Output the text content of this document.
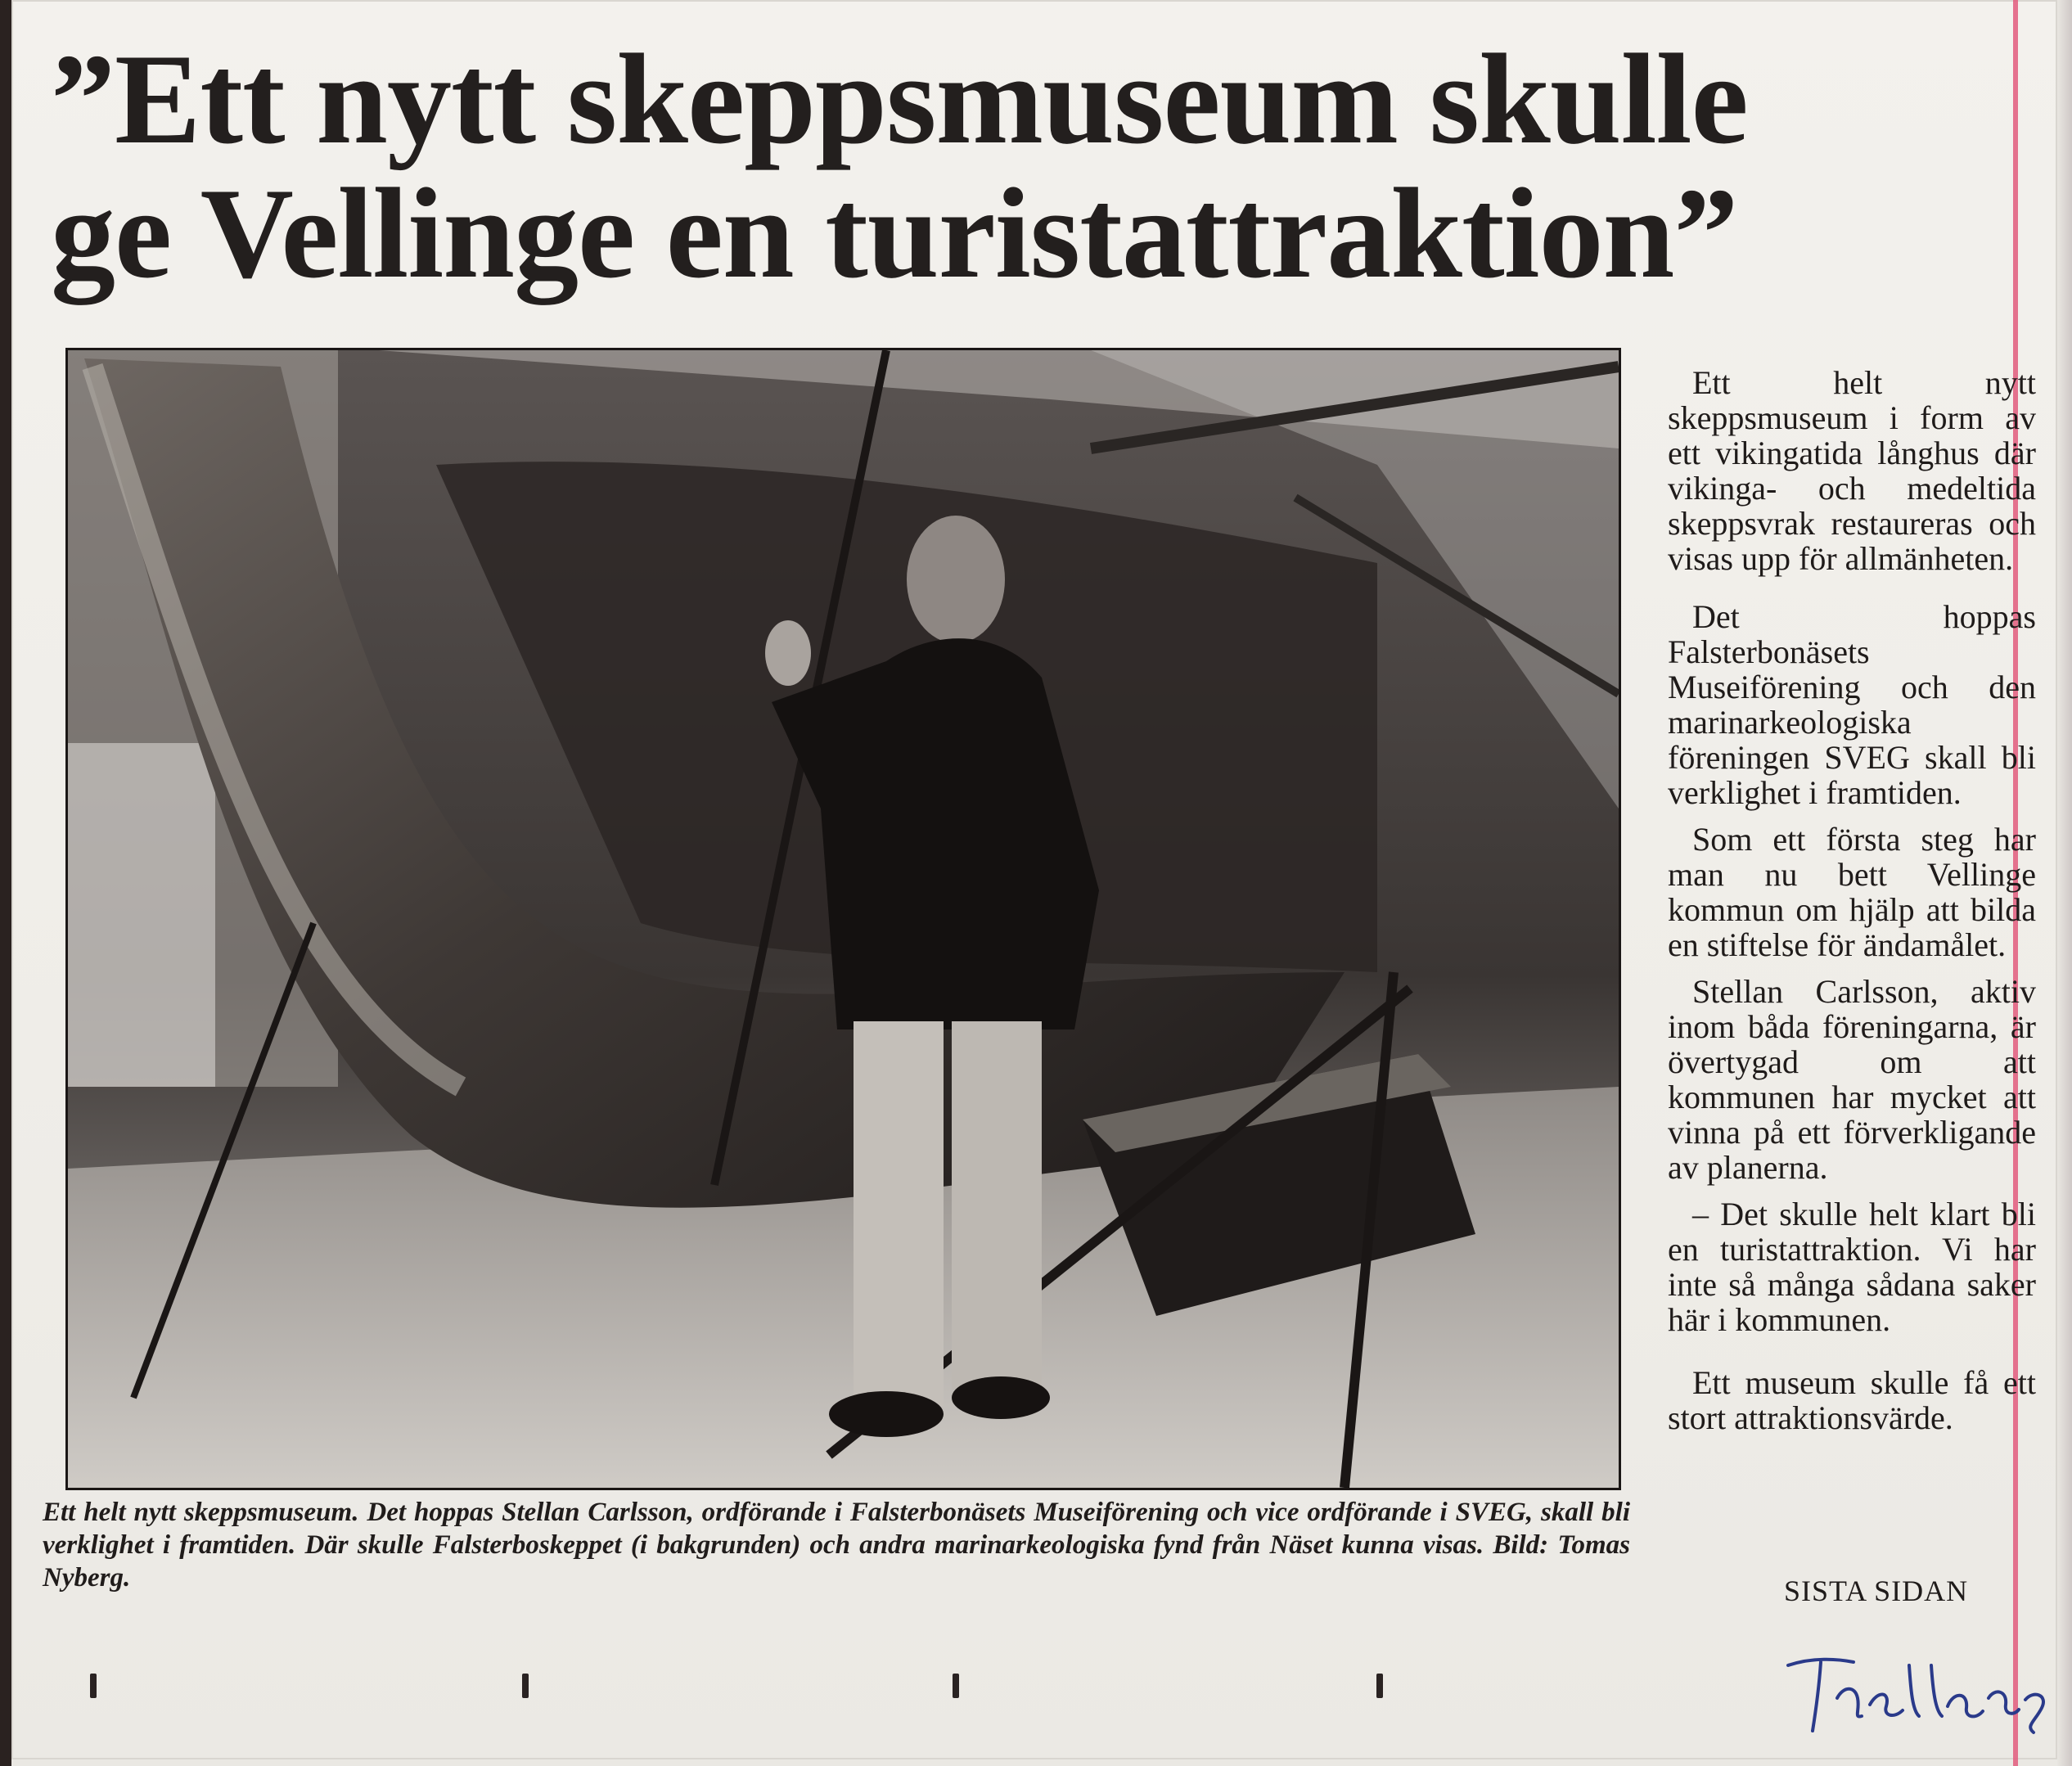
”Ett nytt skeppsmuseum skulle
ge Vellinge en turistattraktion”

Ett helt nytt skeppsmuseum. Det hoppas Stellan Carlsson, ordförande i Falsterbonäsets Museiförening och vice ordförande i SVEG, skall bli verklighet i framtiden. Där skulle Falsterboskeppet (i bakgrunden) och andra marinarkeologiska fynd från Näset kunna visas. Bild: Tomas Nyberg.

Ett helt nytt skeppsmuseum i form av ett vikingatida långhus där vikinga- och medeltida skeppsvrak restaureras och visas upp för allmänheten.

Det hoppas Falsterbonäsets Museiförening och den marinarkeologiska föreningen SVEG skall bli verklighet i framtiden.

Som ett första steg har man nu bett Vellinge kommun om hjälp att bilda en stiftelse för ändamålet.

Stellan Carlsson, aktiv inom båda föreningarna, är övertygad om att kommunen har mycket att vinna på ett förverkligande av planerna.

– Det skulle helt klart bli en turistattraktion. Vi har inte så många sådana saker här i kommunen.

Ett museum skulle få ett stort attraktionsvärde.

SISTA SIDAN
